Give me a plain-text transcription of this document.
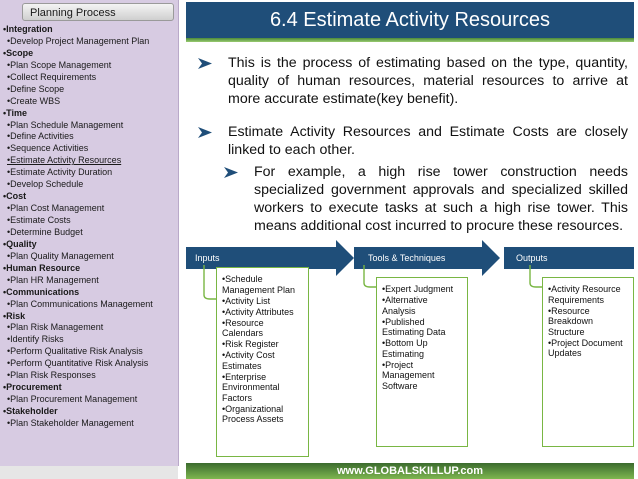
Planning Process
•Integration
•Develop Project Management Plan
•Scope
•Plan Scope Management
•Collect Requirements
•Define Scope
•Create WBS
•Time
•Plan Schedule Management
•Define Activities
•Sequence Activities
•Estimate Activity Resources
•Estimate Activity Duration
•Develop Schedule
•Cost
•Plan Cost Management
•Estimate Costs
•Determine Budget
•Quality
•Plan Quality Management
•Human Resource
•Plan HR Management
•Communications
•Plan Communications Management
•Risk
•Plan Risk Management
•Identify Risks
•Perform Qualitative Risk Analysis
•Perform Quantitative Risk Analysis
•Plan Risk Responses
•Procurement
•Plan Procurement Management
•Stakeholder
•Plan Stakeholder Management
6.4 Estimate Activity Resources
This is the process of estimating based on the type, quantity, quality of human resources, material resources to arrive at more accurate estimate(key benefit).
Estimate Activity Resources and Estimate Costs are closely linked to each other.
For example, a high rise tower construction needs specialized government approvals and specialized skilled workers to execute tasks at such a high rise tower. This means additional cost incurred to procure these resources.
Inputs	Tools & Techniques	Outputs
•Schedule Management Plan
•Activity List
•Activity Attributes
•Resource Calendars
•Risk Register
•Activity Cost Estimates
•Enterprise Environmental Factors
•Organizational Process Assets
•Expert Judgment
•Alternative Analysis
•Published Estimating Data
•Bottom Up Estimating
•Project Management Software
•Activity Resource Requirements
•Resource Breakdown Structure
•Project Document Updates
www.GLOBALSKILLUP.com
